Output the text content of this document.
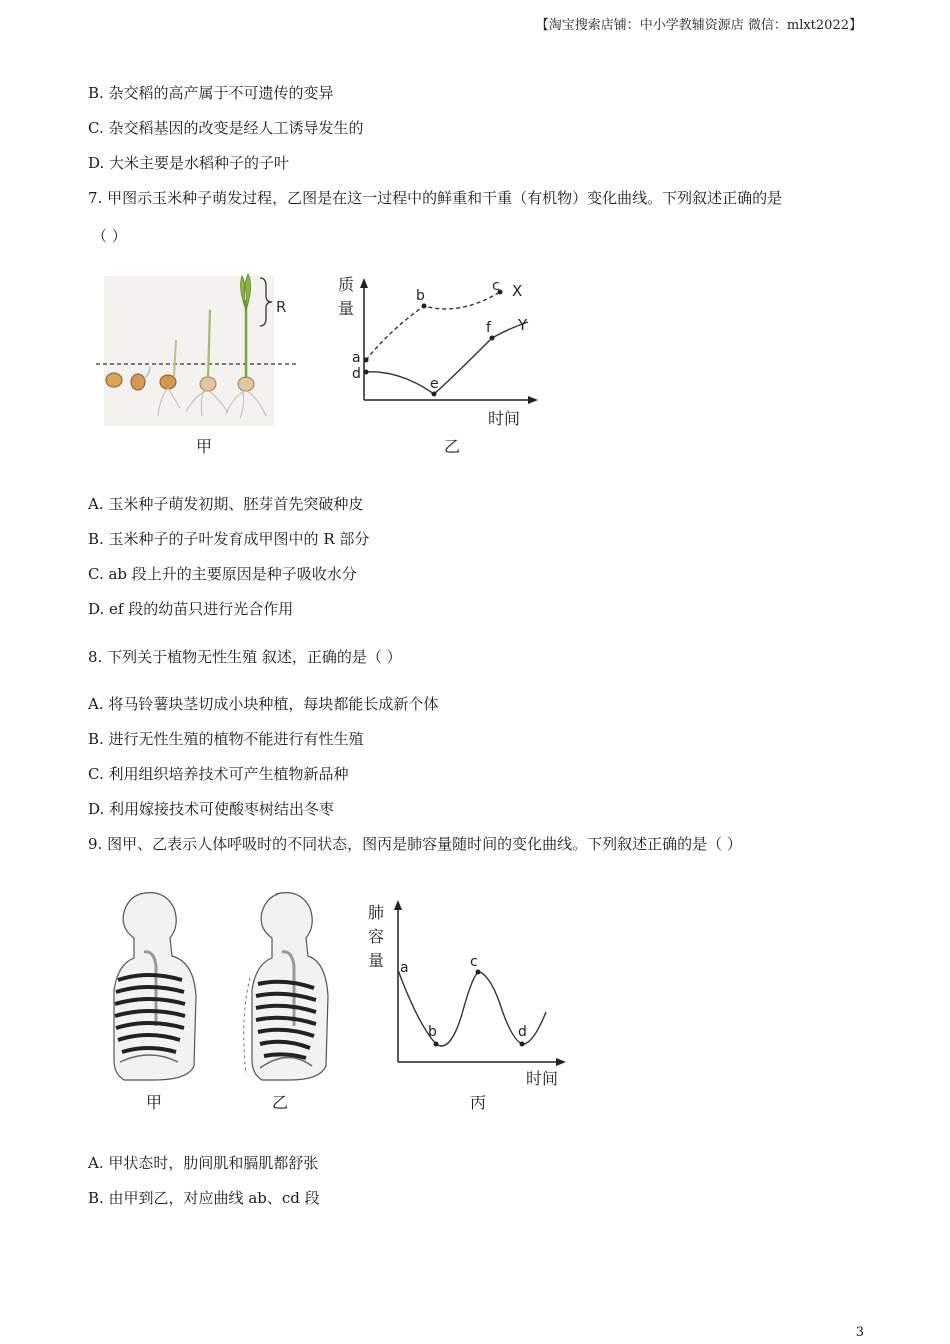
【淘宝搜索店铺：中小学教辅资源店 微信：mlxt2022】
B. 杂交稻的高产属于不可遗传的变异
C. 杂交稻基因的改变是经人工诱导发生的
D. 大米主要是水稻种子的子叶
7. 甲图示玉米种子萌发过程，乙图是在这一过程中的鲜重和干重（有机物）变化曲线。下列叙述正确的是
（ ）
R
甲
质
量
时间
a
b
c
d
e
f
X
Y
乙
A. 玉米种子萌发初期、胚芽首先突破种皮
B. 玉米种子的子叶发育成甲图中的 R 部分
C. ab 段上升的主要原因是种子吸收水分
D. ef 段的幼苗只进行光合作用
8. 下列关于植物无性生殖 叙述，正确的是（ ）
A. 将马铃薯块茎切成小块种植，每块都能长成新个体
B. 进行无性生殖的植物不能进行有性生殖
C. 利用组织培养技术可产生植物新品种
D. 利用嫁接技术可使酸枣树结出冬枣
9. 图甲、乙表示人体呼吸时的不同状态，图丙是肺容量随时间的变化曲线。下列叙述正确的是（ ）
甲	乙
肺
容
量
时间
a
b
c
d
丙
A. 甲状态时，肋间肌和膈肌都舒张
B. 由甲到乙，对应曲线 ab、cd 段
3
